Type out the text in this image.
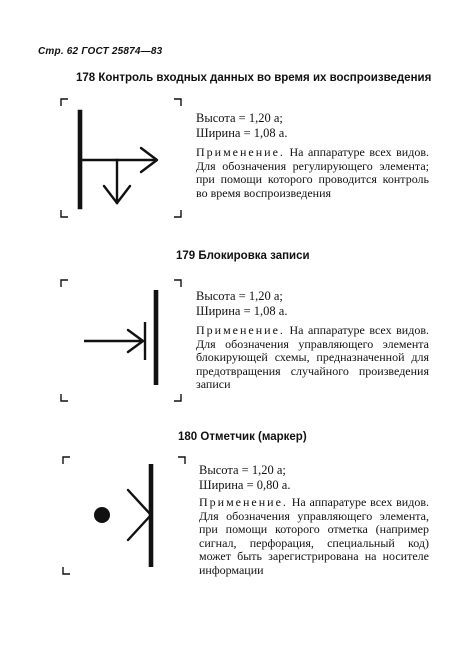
Стр. 62 ГОСТ 25874—83
178 Контроль входных данных во время их воспроизведения
Высота = 1,20 a;
Ширина = 1,08 a.
Применение. На аппаратуре всех видов. Для обозначения регулирующего элемента; при помощи которого проводится контроль во время воспроизведения
179 Блокировка записи
Высота = 1,20 a;
Ширина = 1,08 a.
Применение. На аппаратуре всех видов. Для обозначения управляющего элемента блокирующей схемы, предназначенной для предотвращения случайного произведения записи
180 Отметчик (маркер)
Высота = 1,20 a;
Ширина = 0,80 a.
Применение. На аппаратуре всех видов. Для обозначения управляющего элемента, при помощи которого отметка (например сигнал, перфорация, специальный код) может быть зарегистрирована на носителе информации
